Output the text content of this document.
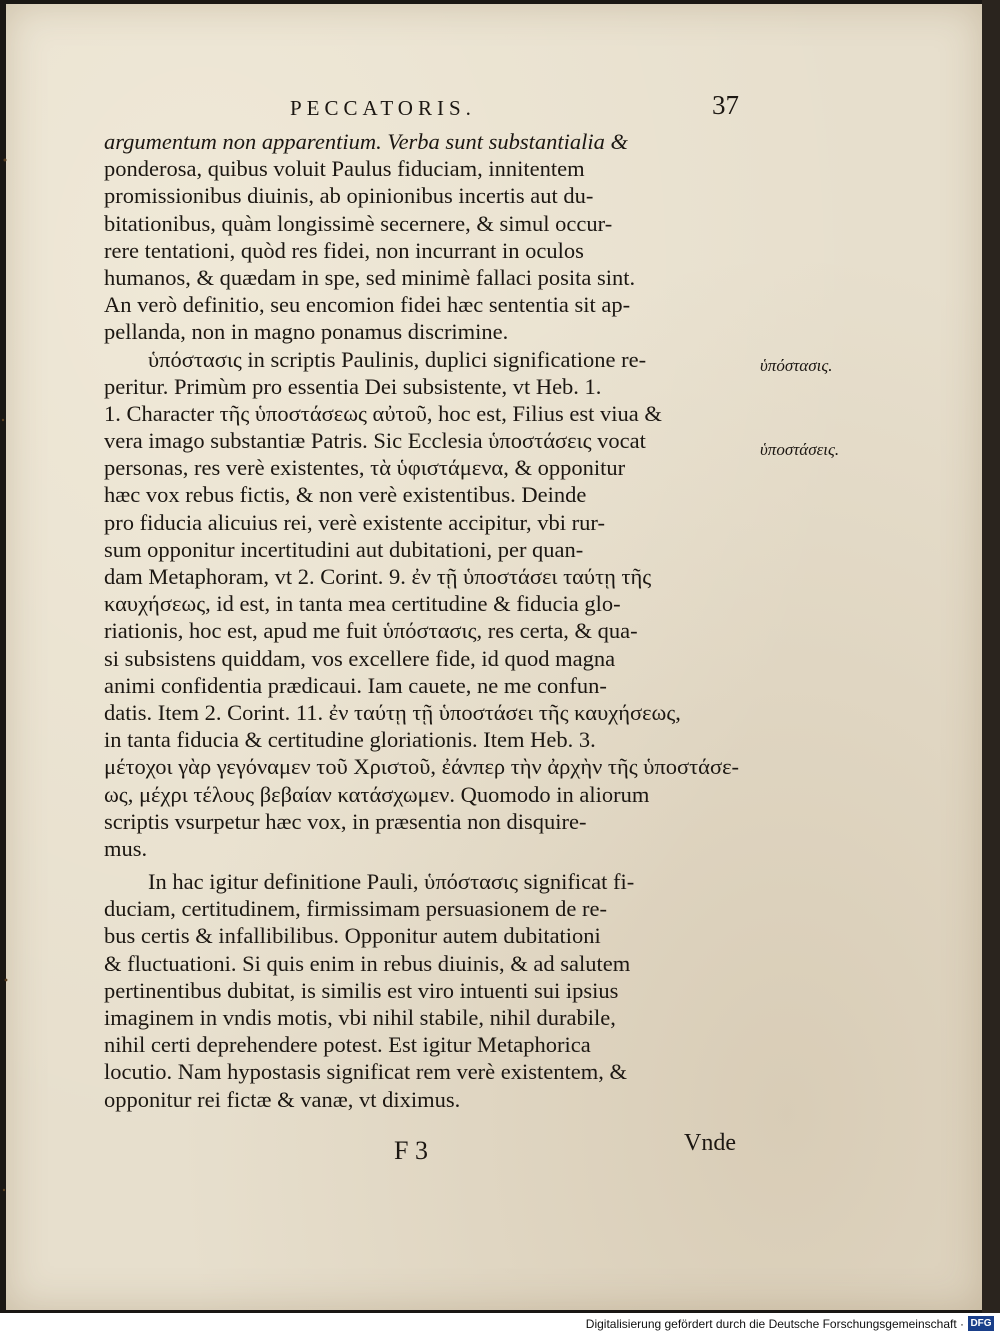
PECCATORIS.	37
argumentum non apparentium. Verba sunt substantialia &
ponderosa, quibus voluit Paulus fiduciam, innitentem
promissionibus diuinis, ab opinionibus incertis aut du-
bitationibus, quàm longissimè secernere, & simul occur-
rere tentationi, quòd res fidei, non incurrant in oculos
humanos, & quædam in spe, sed minimè fallaci posita sint.
An verò definitio, seu encomion fidei hæc sententia sit ap-
pellanda, non in magno ponamus discrimine.
ὑπόστασις in scriptis Paulinis, duplici significatione re-
peritur. Primùm pro essentia Dei subsistente, vt Heb. 1.
1. Character τῆς ὑποστάσεως αὐτοῦ, hoc est, Filius est viua &
vera imago substantiæ Patris. Sic Ecclesia ὑποστάσεις vocat
personas, res verè existentes, τὰ ὑφιστάμενα, & opponitur
hæc vox rebus fictis, & non verè existentibus. Deinde
pro fiducia alicuius rei, verè existente accipitur, vbi rur-
sum opponitur incertitudini aut dubitationi, per quan-
dam Metaphoram, vt 2. Corint. 9. ἐν τῇ ὑποστάσει ταύτῃ τῆς
καυχήσεως, id est, in tanta mea certitudine & fiducia glo-
riationis, hoc est, apud me fuit ὑπόστασις, res certa, & qua-
si subsistens quiddam, vos excellere fide, id quod magna
animi confidentia prædicaui. Iam cauete, ne me confun-
datis. Item 2. Corint. 11. ἐν ταύτῃ τῇ ὑποστάσει τῆς καυχήσεως,
in tanta fiducia & certitudine gloriationis. Item Heb. 3.
μέτοχοι γὰρ γεγόναμεν τοῦ Χριστοῦ, ἐάνπερ τὴν ἀρχὴν τῆς ὑποστάσε-
ως, μέχρι τέλους βεβαίαν κατάσχωμεν. Quomodo in aliorum
scriptis vsurpetur hæc vox, in præsentia non disquire-
mus.
In hac igitur definitione Pauli, ὑπόστασις significat fi-
duciam, certitudinem, firmissimam persuasionem de re-
bus certis & infallibilibus. Opponitur autem dubitationi
& fluctuationi. Si quis enim in rebus diuinis, & ad salutem
pertinentibus dubitat, is similis est viro intuenti sui ipsius
imaginem in vndis motis, vbi nihil stabile, nihil durabile,
nihil certi deprehendere potest. Est igitur Metaphorica
locutio. Nam hypostasis significat rem verè existentem, &
opponitur rei fictæ & vanæ, vt diximus.
ὑπόστασις.
ὑποστάσεις.
F 3	Vnde
Digitalisierung gefördert durch die Deutsche Forschungsgemeinschaft · DFG
